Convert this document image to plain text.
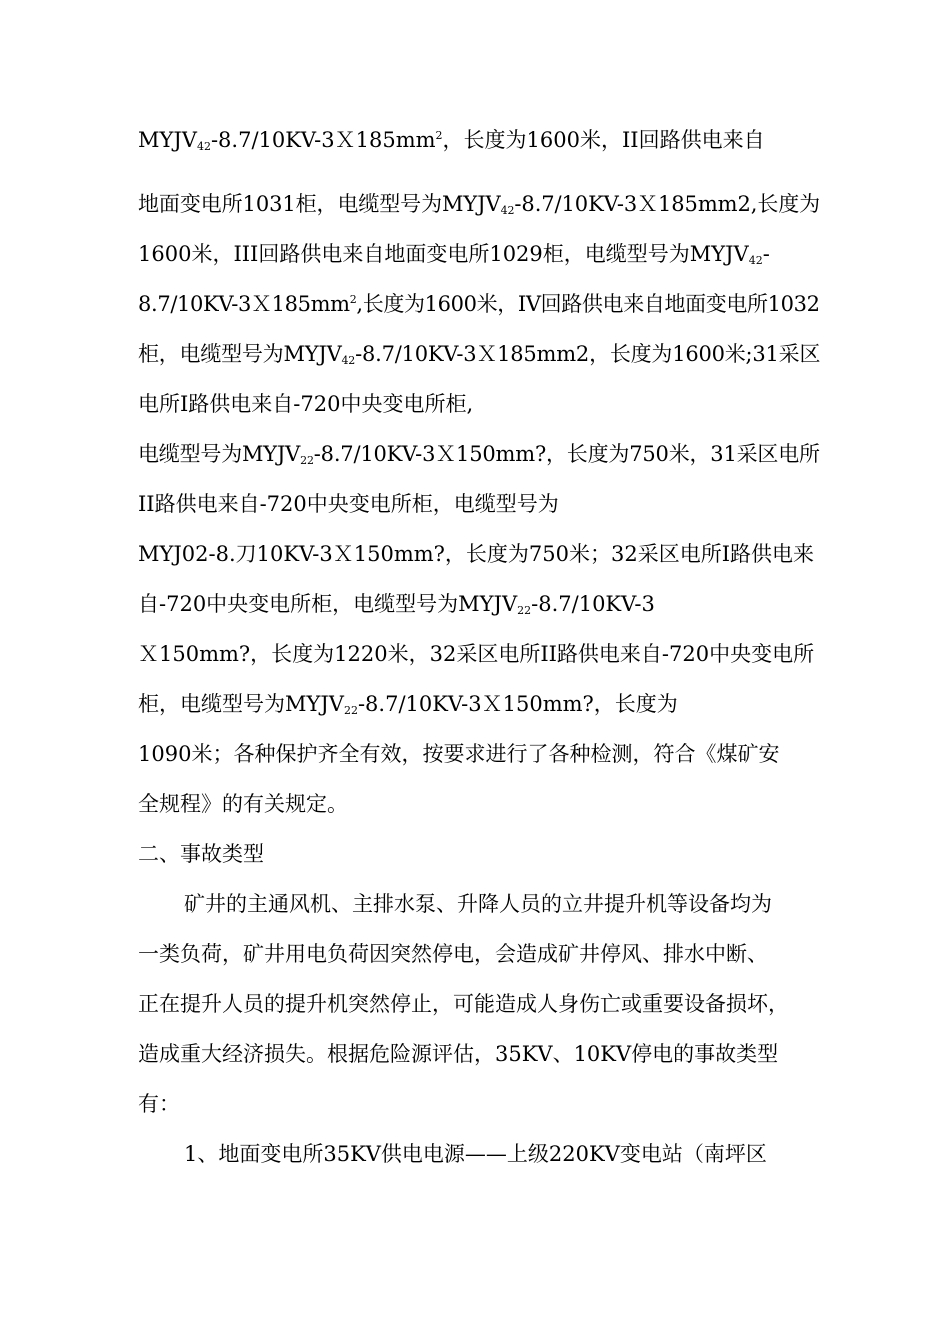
$MYJV_{42}-8.7/10KV-3X185mm^2$，长度为1600米，II回路供电来自

地面变电所1031柜，电缆型号为$MYJV_{42}-8.7/10KV-3X185mm2$,长度为

1600米，III回路供电来自地面变电所1029柜，电缆型号为$MYJV_{42}-$

$8.7/10KV-3X185mm^2$,长度为1600米，IV回路供电来自地面变电所1032

柜，电缆型号为$MYJV_{42}-8.7/10KV-3X185mm2$，长度为1600米;31采区

电所Ⅰ路供电来自-720中央变电所柜,

电缆型号为$MYJV_{22}-8.7/10KV-3X150mm$?，长度为750米，31采区电所

II路供电来自-720中央变电所柜，电缆型号为

MYJ02-8.刀10KV-3Ｘ150mm?，长度为750米；32采区电所Ⅰ路供电来

自-720中央变电所柜，电缆型号为$MYJV_{22}-8.7/10KV-3$

Ｘ150mm?，长度为1220米，32采区电所II路供电来自-720中央变电所

柜，电缆型号为$MYJV_{22}-8.7/10KV-3X150mm$?，长度为

1090米；各种保护齐全有效，按要求进行了各种检测，符合《煤矿安

全规程》的有关规定。

二、事故类型

矿井的主通风机、主排水泵、升降人员的立井提升机等设备均为

一类负荷，矿井用电负荷因突然停电，会造成矿井停风、排水中断、

正在提升人员的提升机突然停止，可能造成人身伤亡或重要设备损坏，

造成重大经济损失。根据危险源评估，35KV、10KV停电的事故类型

有：

1、地面变电所35KV供电电源——上级220KV变电站（南坪区
